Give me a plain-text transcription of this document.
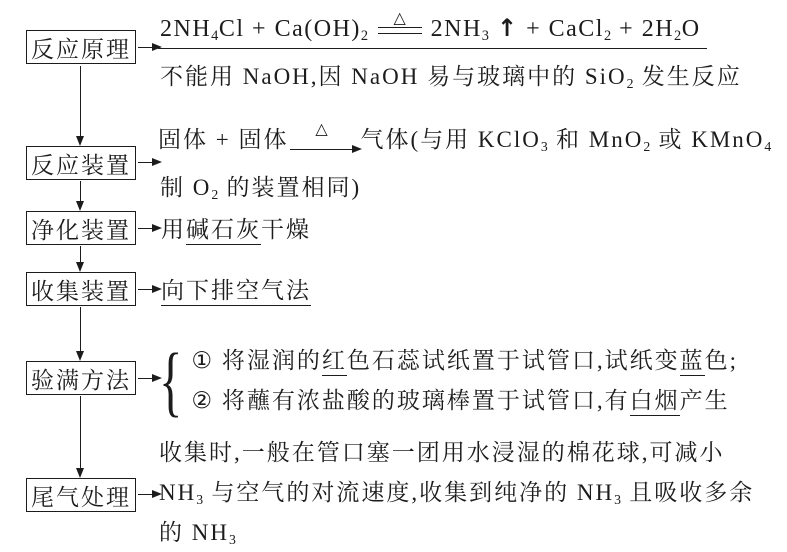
反应原理
反应装置
净化装置
收集装置
验满方法
尾气处理
$2NH_4Cl + Ca(OH)_2$
△ $2NH_3$ ↑ + CaCl$_2$ + $2H_2O$
不能用 NaOH,因 NaOH 易与玻璃中的 SiO$_2$ 发生反应
固体 + 固体 △ 气体(与用 KClO$_3$ 和 MnO$_2$ 或 KMnO$_4$
制 $O_2$ 的装置相同)
用碱石灰干燥
向下排空气法
{ ① 将湿润的红色石蕊试纸置于试管口,试纸变蓝色;
② 将蘸有浓盐酸的玻璃棒置于试管口,有白烟产生
收集时,一般在管口塞一团用水浸湿的棉花球,可减小
$NH_3$ 与空气的对流速度,收集到纯净的 $NH_3$ 且吸收多余
的 $NH_3$
